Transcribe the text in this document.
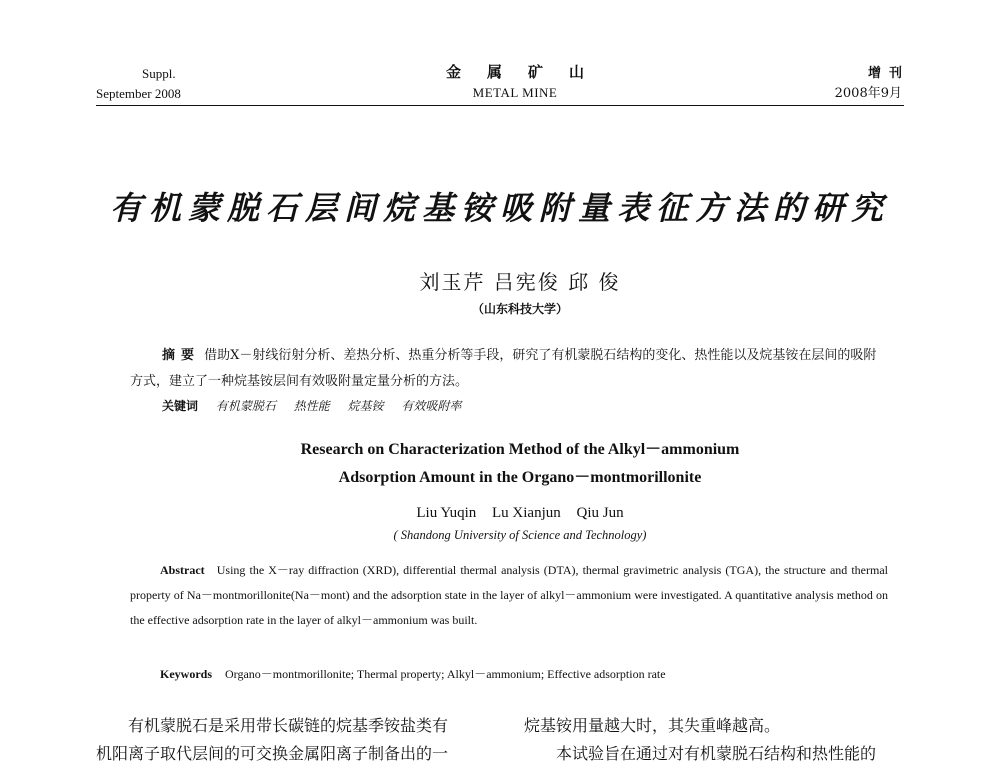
Suppl.
September 2008
金属矿山
METAL MINE
增刊
2008年9月
有机蒙脱石层间烷基铵吸附量表征方法的研究
刘玉芹 吕宪俊 邱 俊
（山东科技大学）
摘要 借助X－射线衍射分析、差热分析、热重分析等手段，研究了有机蒙脱石结构的变化、热性能以及烷基铵在层间的吸附方式，建立了一种烷基铵层间有效吸附量定量分析的方法。
关键词 有机蒙脱石 热性能 烷基铵 有效吸附率
Research on Characterization Method of the Alkyl－ammonium
Adsorption Amount in the Organo－montmorillonite
Liu Yuqin Lu Xianjun Qiu Jun
( Shandong University of Science and Technology)
Abstract Using the X－ray diffraction (XRD), differential thermal analysis (DTA), thermal gravimetric analysis (TGA), the structure and thermal property of Na－montmorillonite(Na－mont) and the adsorption state in the layer of alkyl－ammonium were investigated. A quantitative analysis method on the effective adsorption rate in the layer of alkyl－ammonium was built.
Keywords Organo－montmorillonite; Thermal property; Alkyl－ammonium; Effective adsorption rate
有机蒙脱石是采用带长碳链的烷基季铵盐类有
机阳离子取代层间的可交换金属阳离子制备出的一
烷基铵用量越大时，其失重峰越高。
本试验旨在通过对有机蒙脱石结构和热性能的
